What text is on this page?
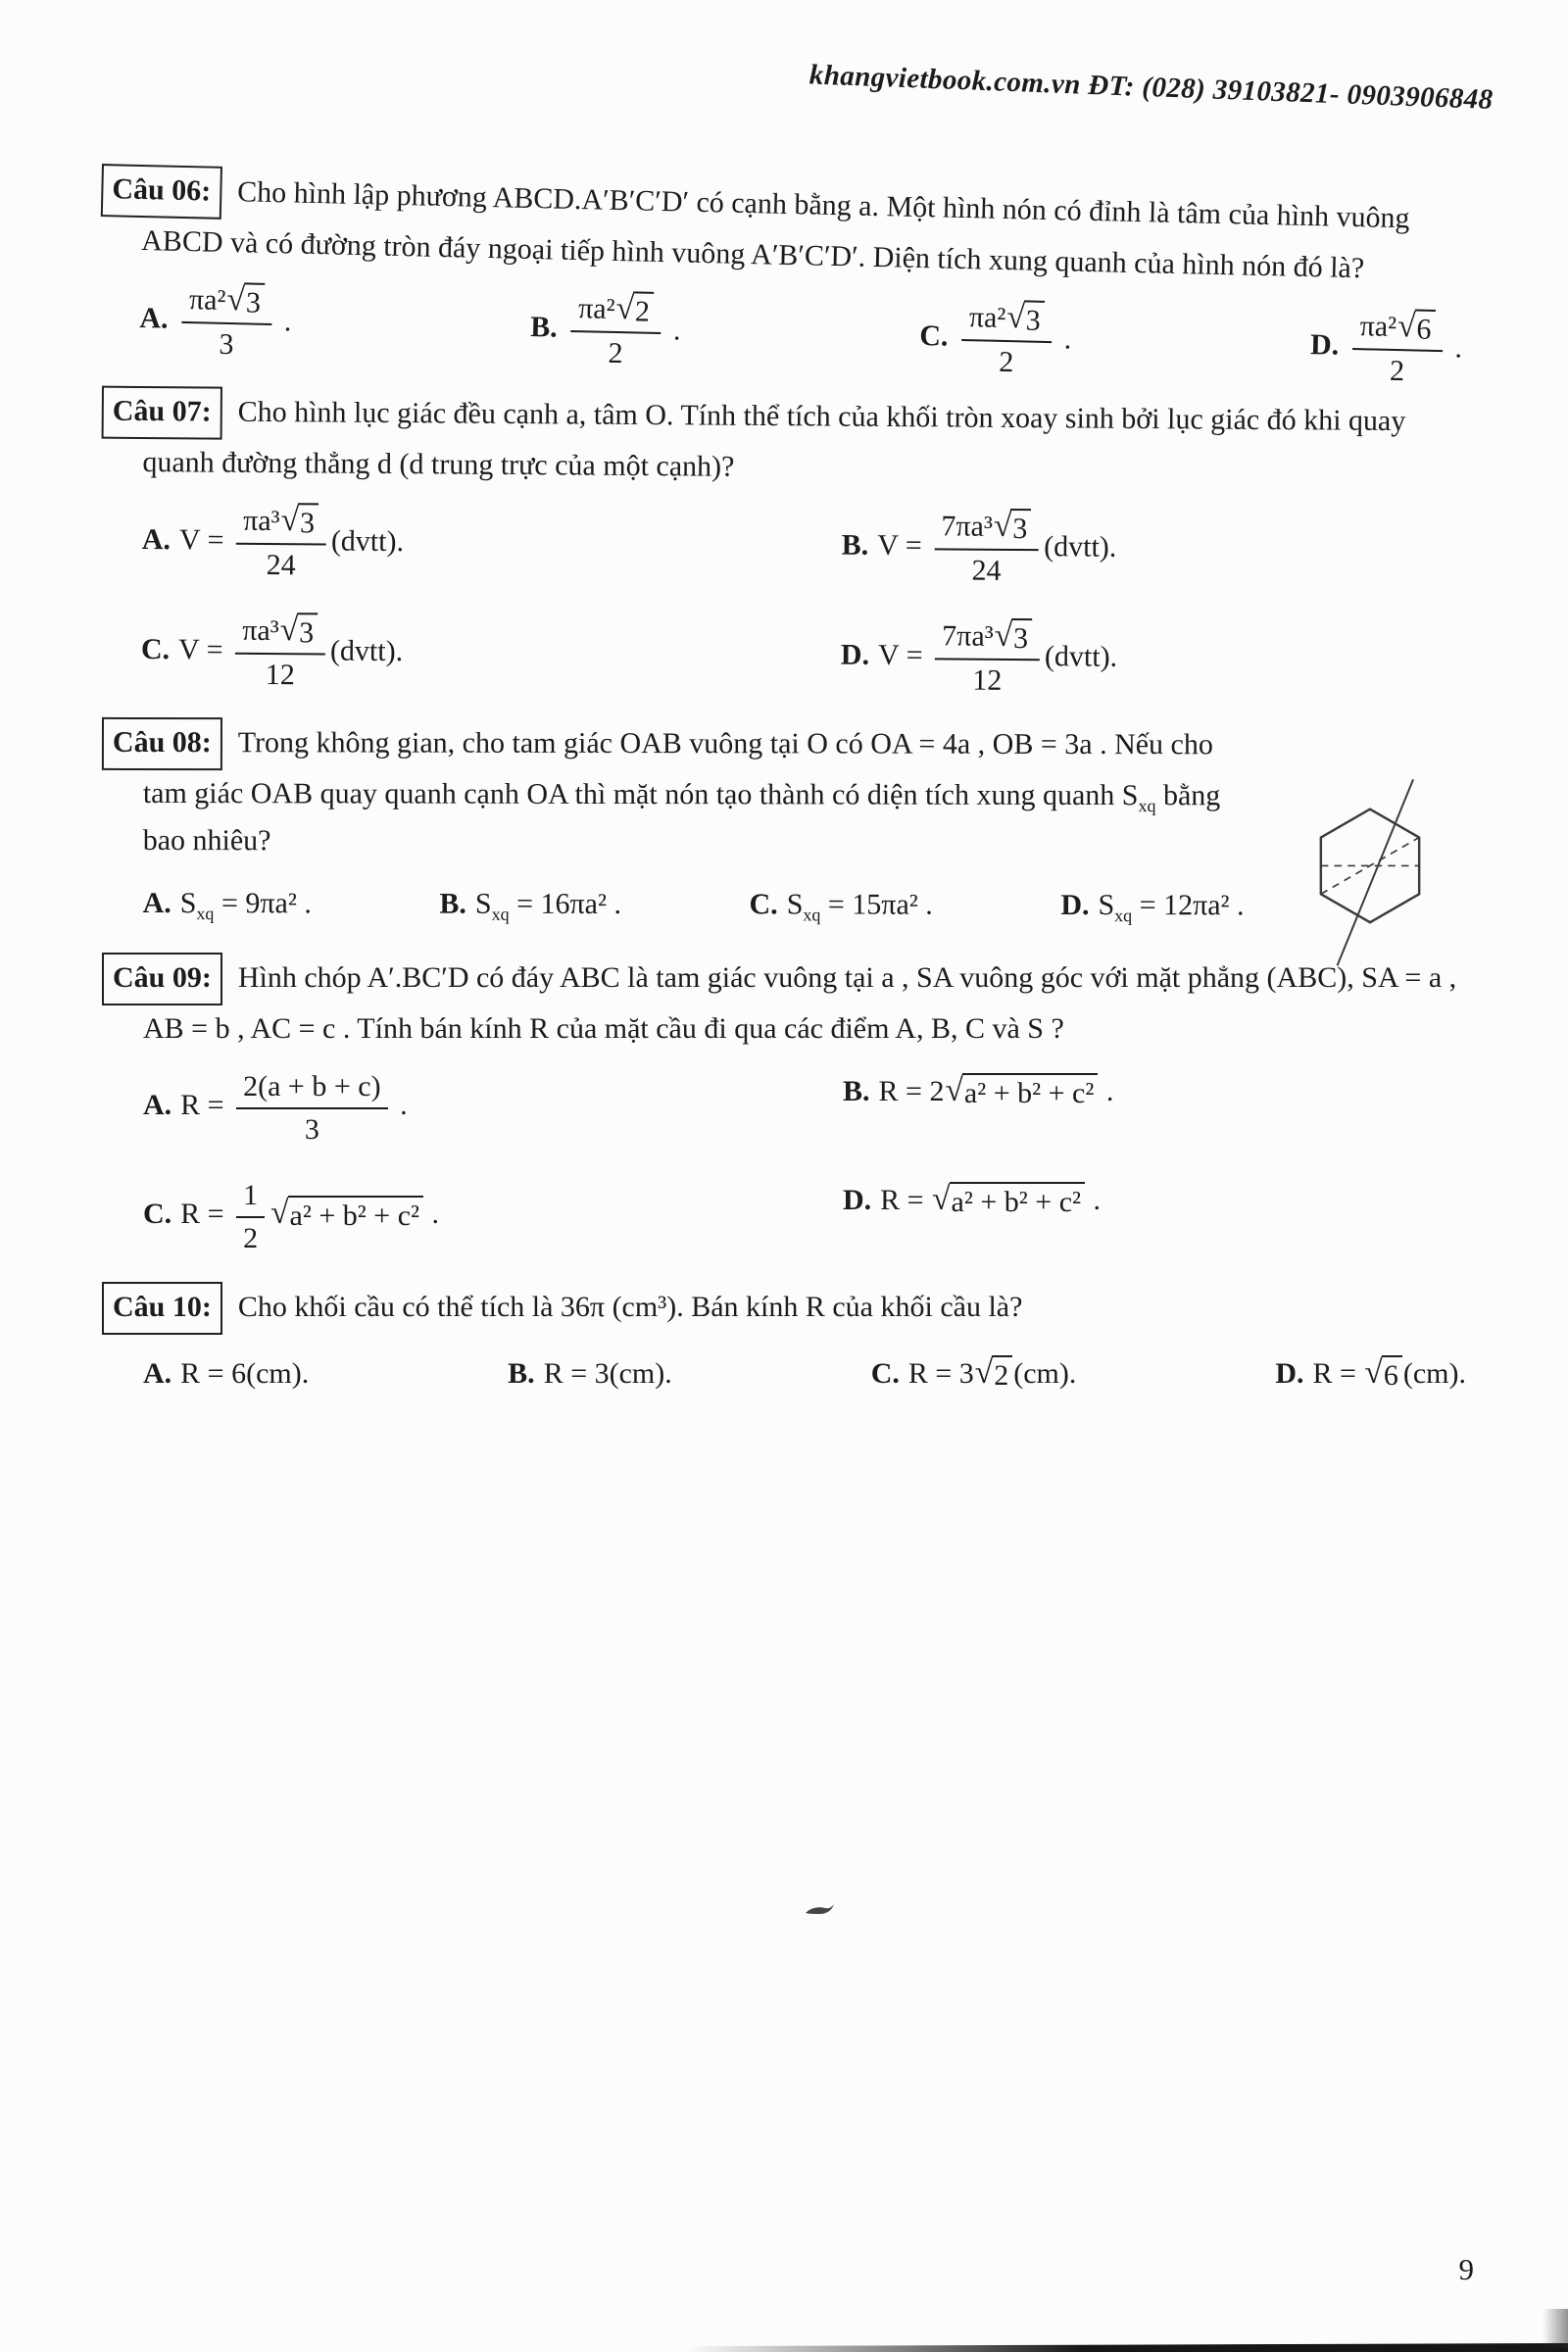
khangvietbook.com.vn ĐT: (028) 39103821- 0903906848
Câu 06: Cho hình lập phương ABCD.A′B′C′D′ có cạnh bằng a. Một hình nón có đỉnh là tâm của hình vuông ABCD và có đường tròn đáy ngoại tiếp hình vuông A′B′C′D′. Diện tích xung quanh của hình nón đó là?
A. $\frac{\text{πa² √ 3}}{3}$ .	B. $\frac{\text{πa² √ 2}}{2}$ .	C. $\frac{\text{πa² √ 3}}{2}$ .	D. $\frac{\text{πa² √ 6}}{2}$ .
Câu 07: Cho hình lục giác đều cạnh a, tâm O. Tính thể tích của khối tròn xoay sinh bởi lục giác đó khi quay quanh đường thẳng d (d trung trực của một cạnh)?
A. $V = \frac{\text{πa³ √ 3}}{24}$ (dvtt).	B. $V = \frac{\text{7πa³ √ 3}}{24}$ (dvtt).
C. $V = \frac{\text{πa³ √ 3}}{12}$ (dvtt).	D. $V = \frac{\text{7πa³ √ 3}}{12}$ (dvtt).
Câu 08: Trong không gian, cho tam giác OAB vuông tại O có OA = 4a , OB = 3a . Nếu cho tam giác OAB quay quanh cạnh OA thì mặt nón tạo thành có diện tích xung quanh $S_{xq}$ bằng bao nhiêu?
A. $S_{xq} = 9\pi a^2$ .	B. $S_{xq} = 16\pi a^2$ .	C. $S_{xq} = 15\pi a^2$ .	D. $S_{xq} = 12\pi a^2$ .
Câu 09: Hình chóp A′.BC′D có đáy ABC là tam giác vuông tại a , SA vuông góc với mặt phẳng (ABC), SA = a , AB = b , AC = c . Tính bán kính R của mặt cầu đi qua các điểm A, B, C và S ?
A. $R = \frac{2(a + b + c)}{3}$ .	B. R = 2 √ a² + b² + c² .
C. $R = \frac{1}{2}$ √ a² + b² + c² .	D. R = √ a² + b² + c² .
Câu 10: Cho khối cầu có thể tích là 36π (cm³). Bán kính R của khối cầu là?
A. R = 6(cm).	B. R = 3(cm).	C. R = 3 √ 2 (cm).	D. R = √ 6 (cm).
9
